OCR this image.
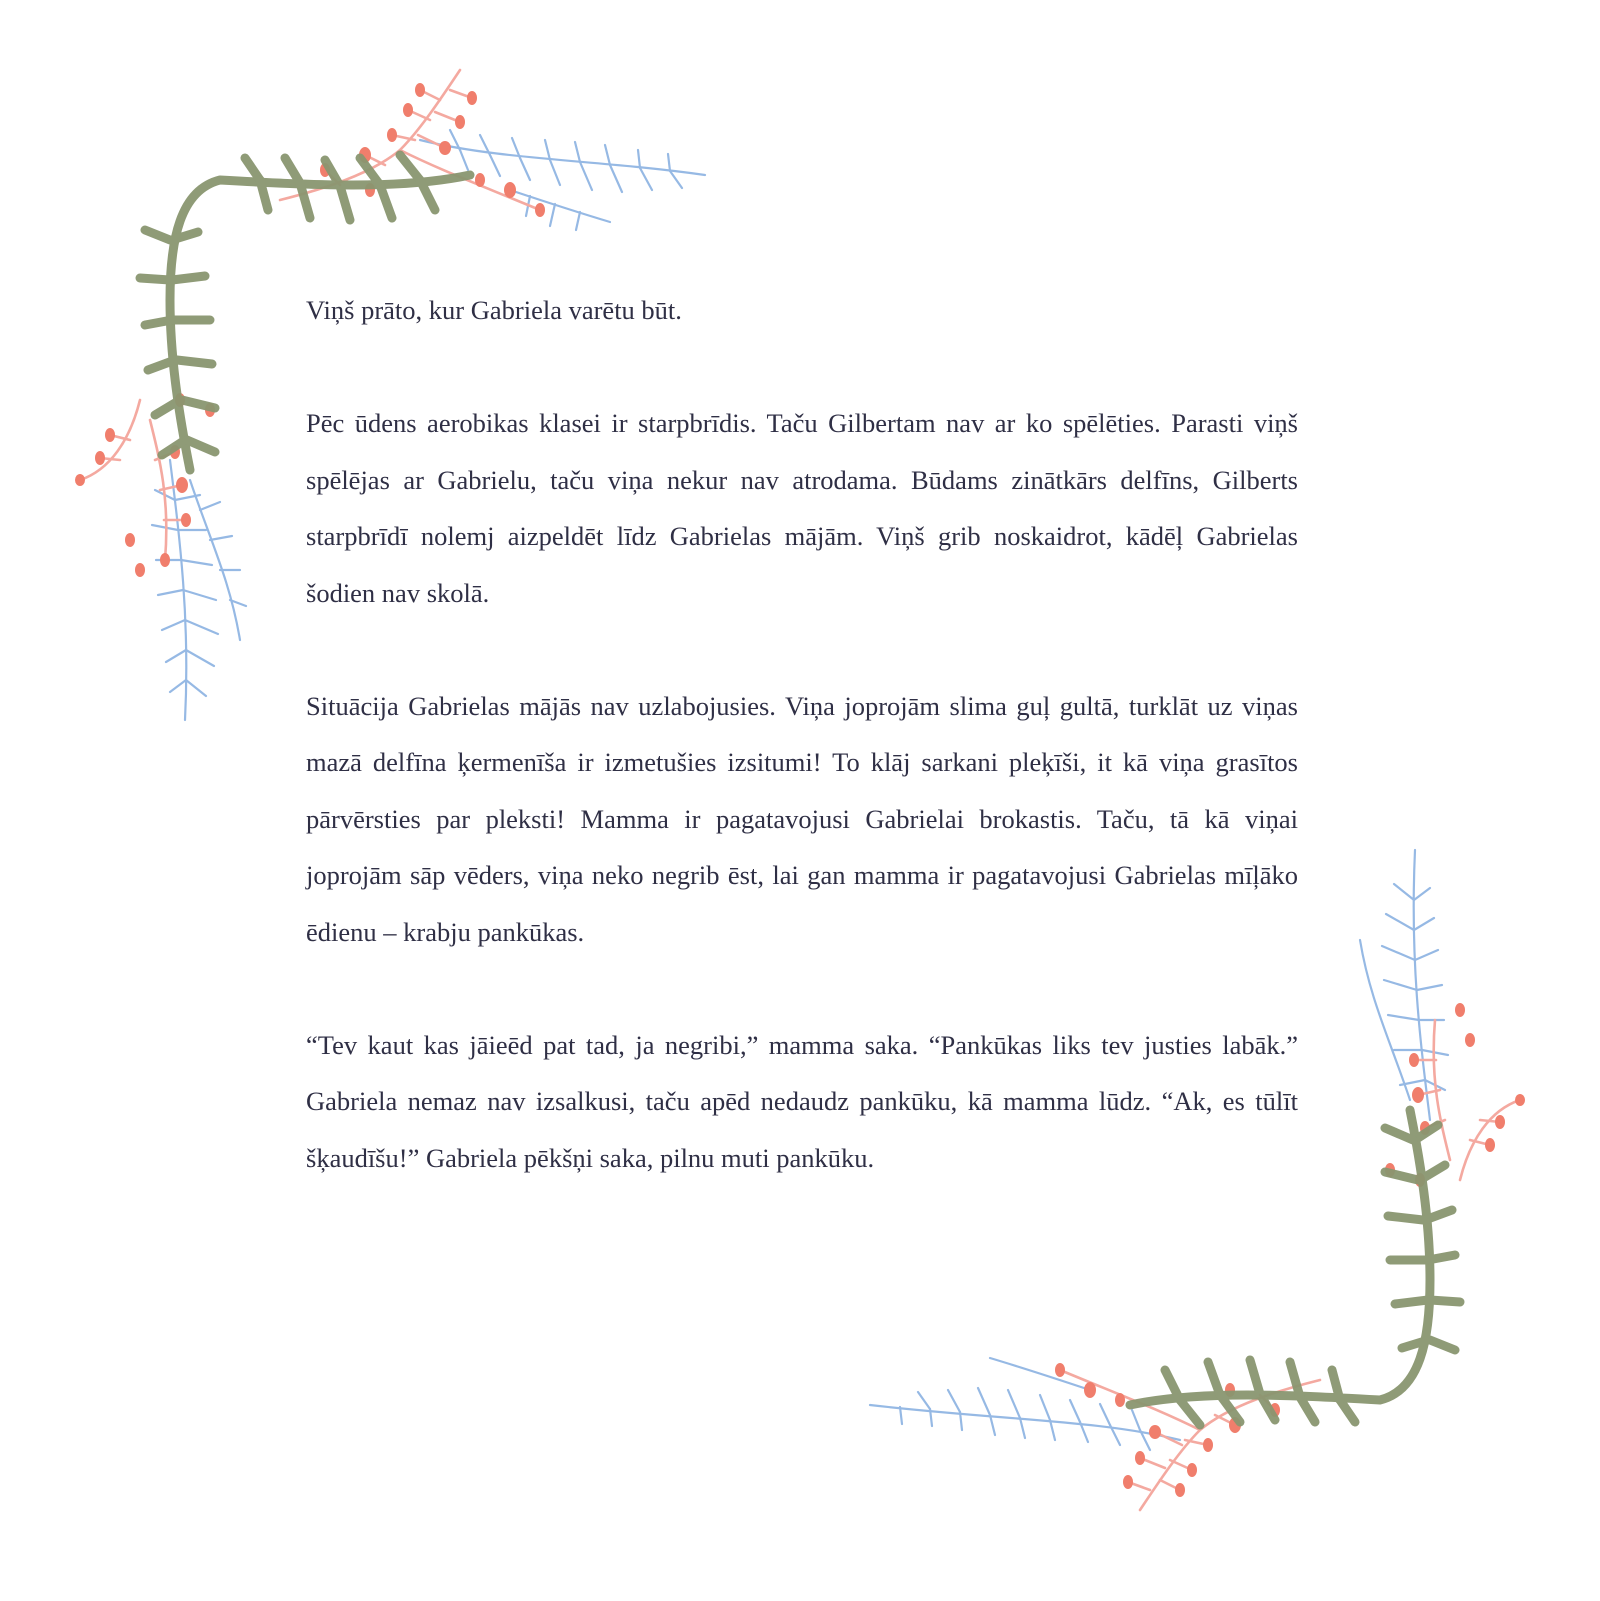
Viņš prāto, kur Gabriela varētu būt.

Pēc ūdens aerobikas klasei ir starpbrīdis. Taču Gilbertam nav ar ko spēlēties. Parasti viņš spēlējas ar Gabrielu, taču viņa nekur nav atrodama. Būdams zinātkārs delfīns, Gilberts starpbrīdī nolemj aizpeldēt līdz Gabrielas mājām. Viņš grib noskaidrot, kādēļ Gabrielas šodien nav skolā.

Situācija Gabrielas mājās nav uzlabojusies. Viņa joprojām slima guļ gultā, turklāt uz viņas mazā delfīna ķermenīša ir izmetušies izsitumi! To klāj sarkani pleķīši, it kā viņa grasītos pārvērsties par pleksti! Mamma ir pagatavojusi Gabrielai brokastis. Taču, tā kā viņai joprojām sāp vēders, viņa neko negrib ēst, lai gan mamma ir pagatavojusi Gabrielas mīļāko ēdienu – krabju pankūkas.

“Tev kaut kas jāieēd pat tad, ja negribi,” mamma saka. “Pankūkas liks tev justies labāk.” Gabriela nemaz nav izsalkusi, taču apēd nedaudz pankūku, kā mamma lūdz. “Ak, es tūlīt šķaudīšu!” Gabriela pēkšņi saka, pilnu muti pankūku.
